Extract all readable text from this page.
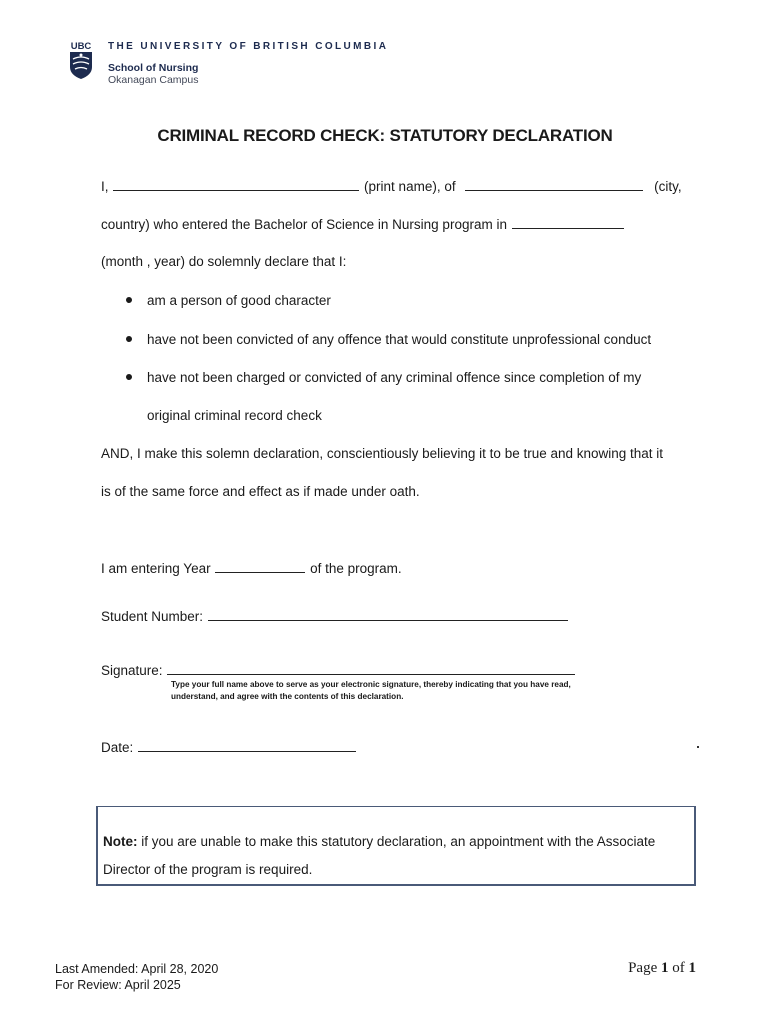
UBC THE UNIVERSITY OF BRITISH COLUMBIA
School of Nursing
Okanagan Campus
CRIMINAL RECORD CHECK: STATUTORY DECLARATION
I,	(print name), of	(city,
country) who entered the Bachelor of Science in Nursing program in
(month , year) do solemnly declare that I:
am a person of good character
have not been convicted of any offence that would constitute unprofessional conduct
have not been charged or convicted of any criminal offence since completion of my
original criminal record check
AND, I make this solemn declaration, conscientiously believing it to be true and knowing that it
is of the same force and effect as if made under oath.
I am entering Year	of the program.
Student Number:
Signature:
Type your full name above to serve as your electronic signature, thereby indicating that you have read, understand, and agree with the contents of this declaration.
Date:
Note: if you are unable to make this statutory declaration, an appointment with the Associate Director of the program is required.
Last Amended: April 28, 2020
For Review: April 2025
Page 1 of 1
